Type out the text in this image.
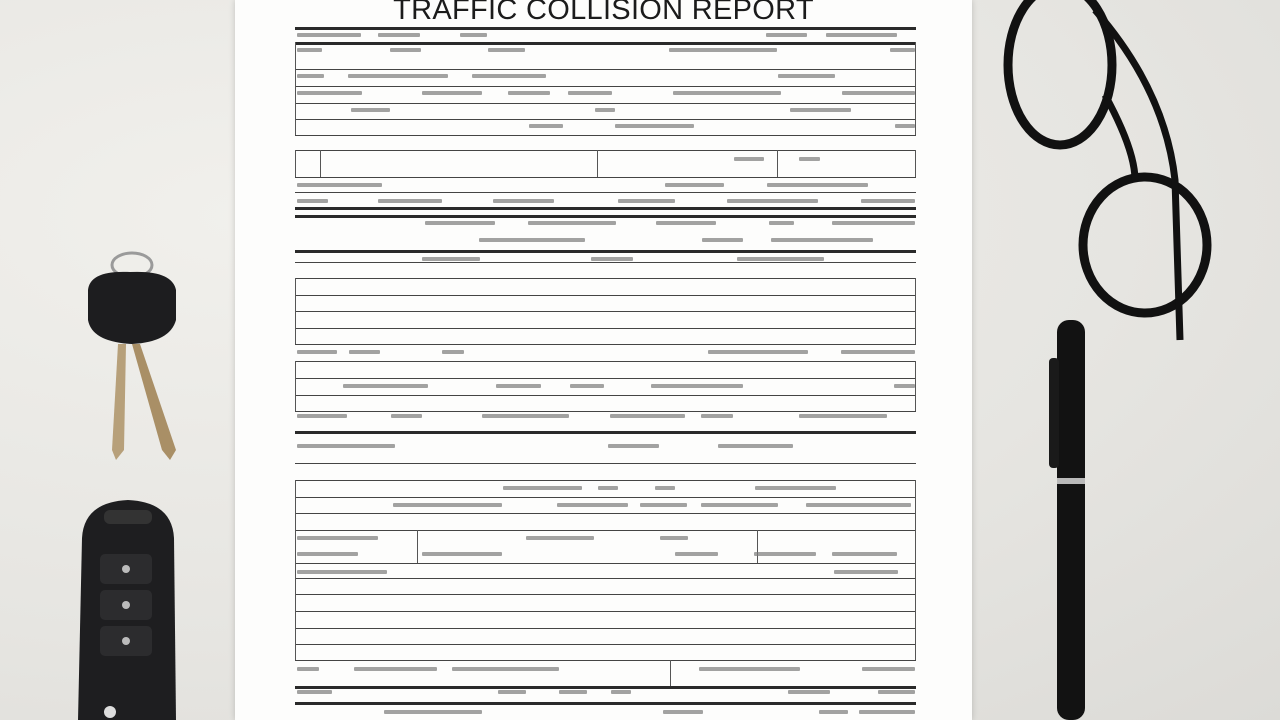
TRAFFIC COLLISION REPORT
